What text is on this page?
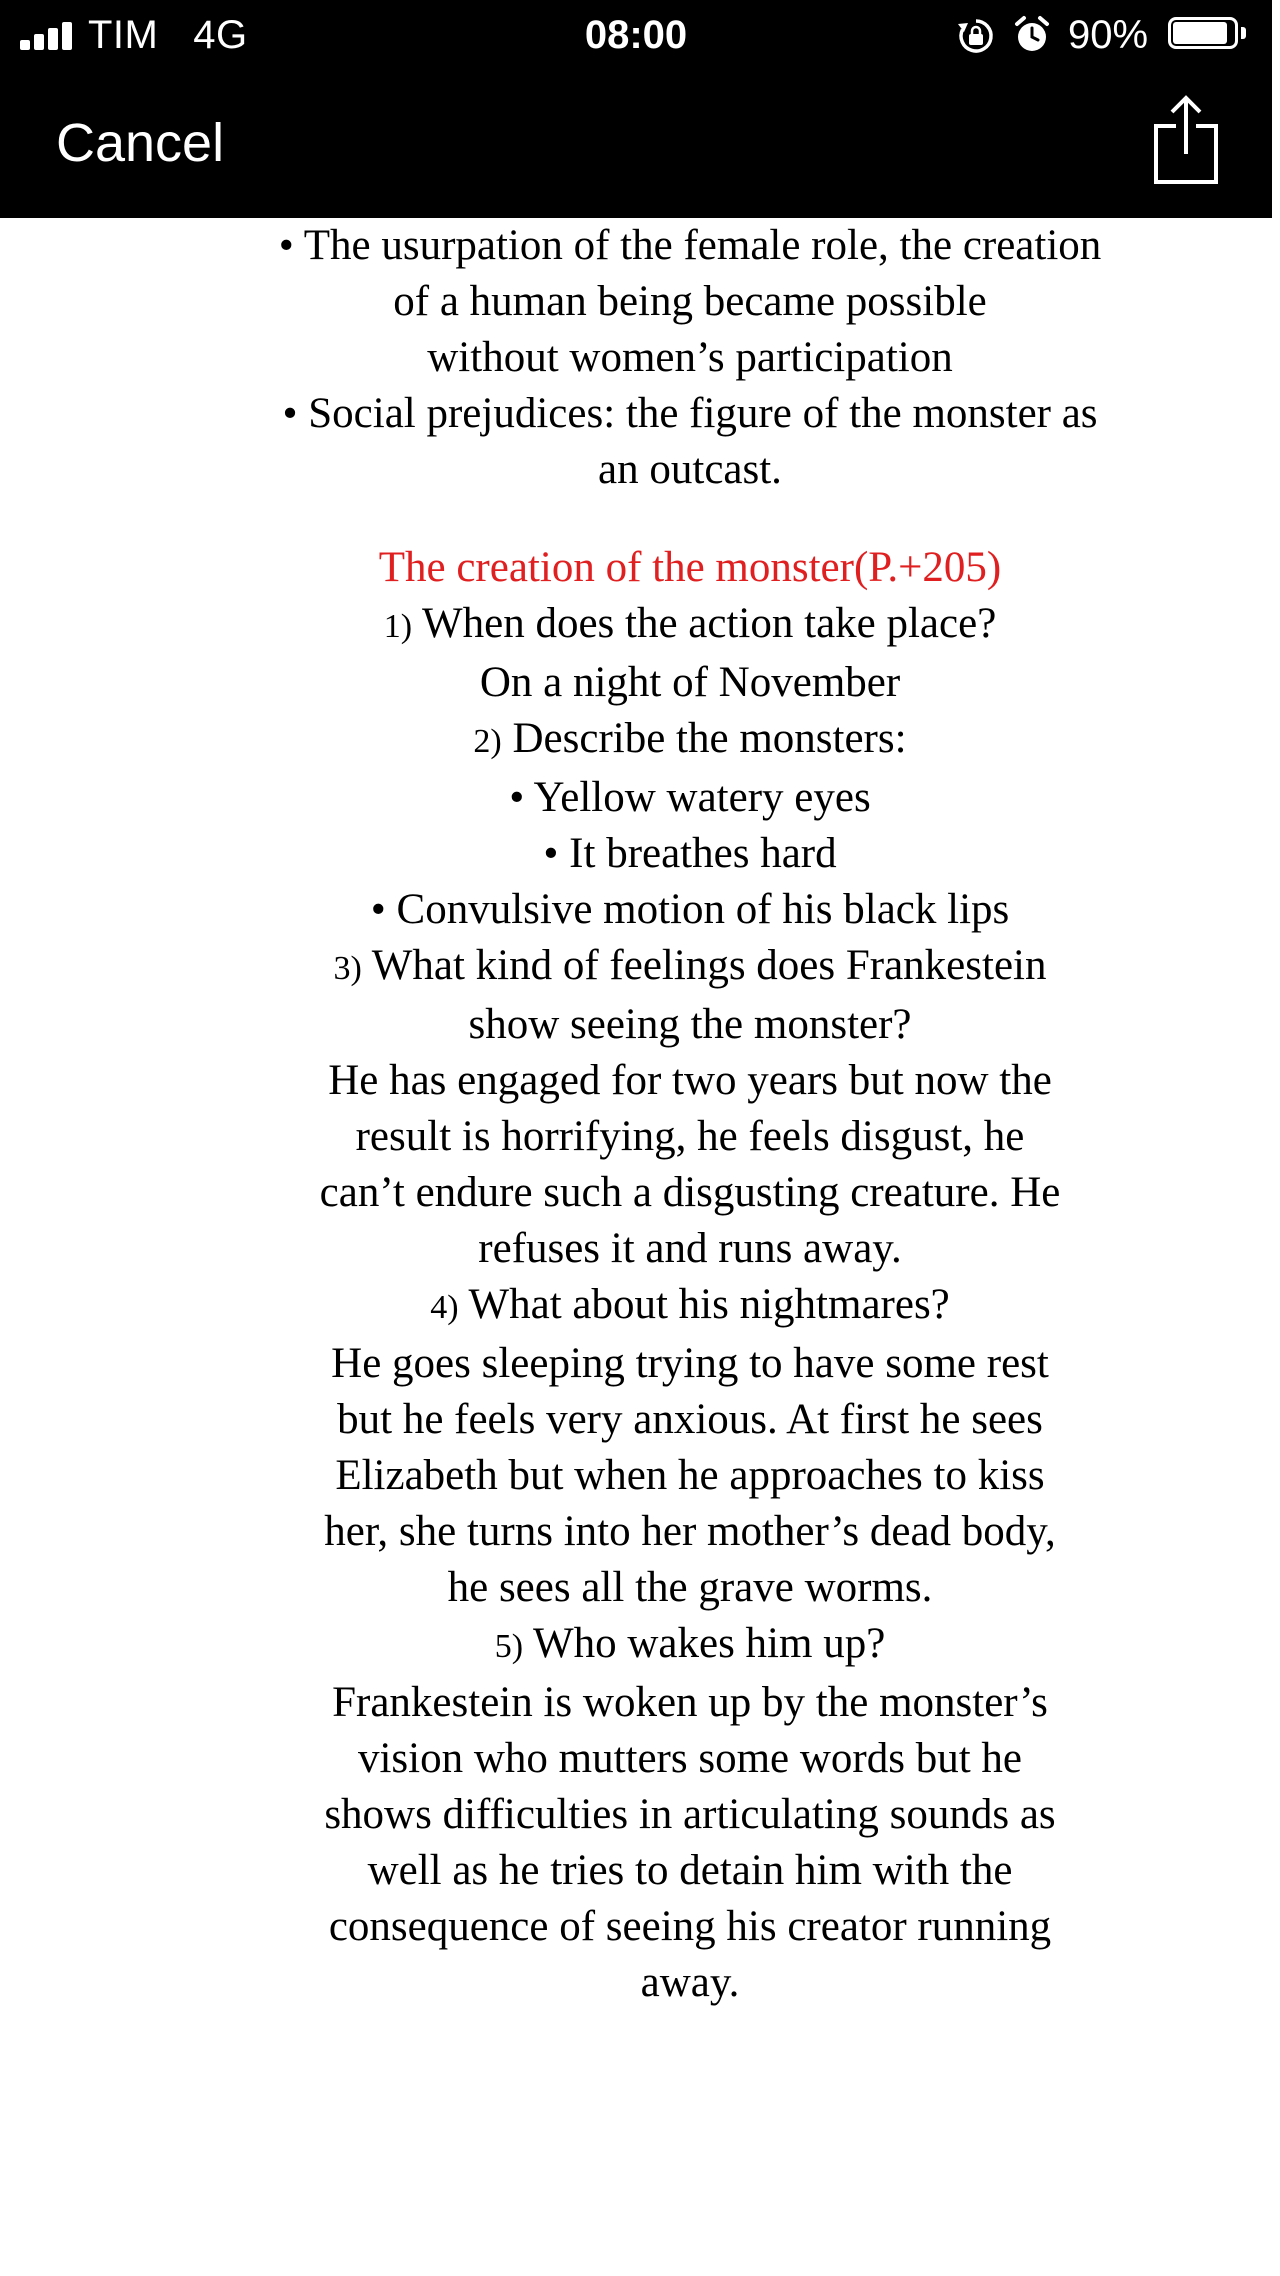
TIM 4G	08:00	90%
Cancel

• The usurpation of the female role, the creation

of a human being became possible

without women’s participation

• Social prejudices: the figure of the monster as

an outcast.

The creation of the monster(P.+205)

1) When does the action take place?

On a night of November

2) Describe the monsters:

• Yellow watery eyes

• It breathes hard

• Convulsive motion of his black lips

3) What kind of feelings does Frankestein

show seeing the monster?

He has engaged for two years but now the

result is horrifying, he feels disgust, he

can’t endure such a disgusting creature. He

refuses it and runs away.

4) What about his nightmares?

He goes sleeping trying to have some rest

but he feels very anxious. At first he sees

Elizabeth but when he approaches to kiss

her, she turns into her mother’s dead body,

he sees all the grave worms.

5) Who wakes him up?

Frankestein is woken up by the monster’s

vision who mutters some words but he

shows difficulties in articulating sounds as

well as he tries to detain him with the

consequence of seeing his creator running

away.
